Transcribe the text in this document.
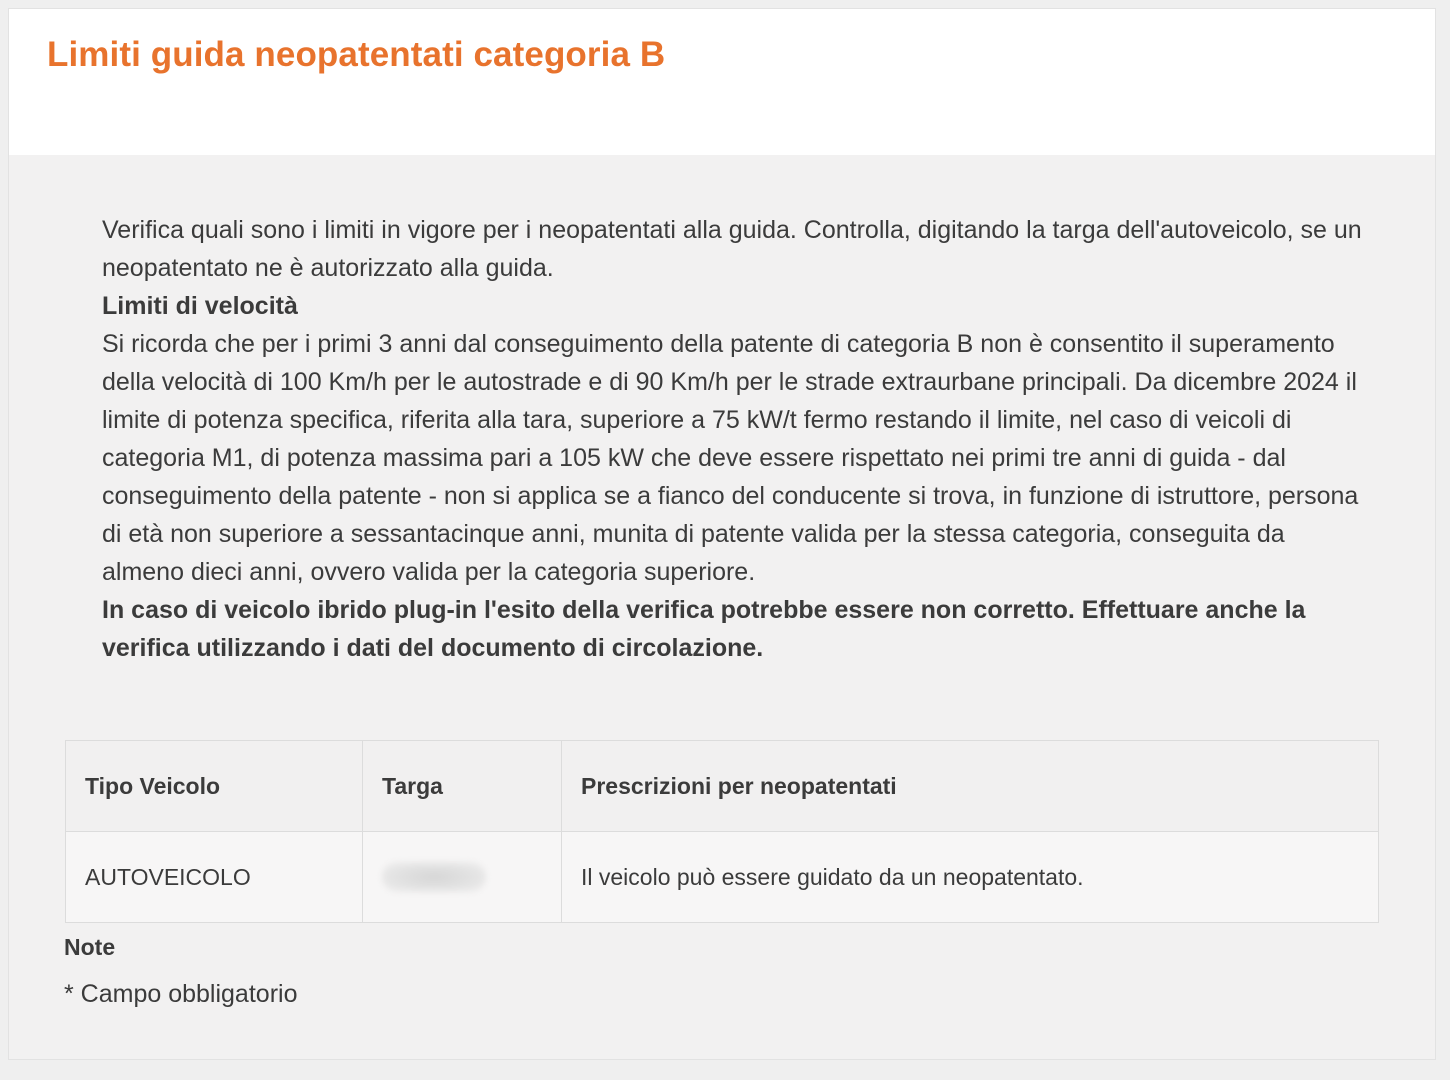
Limiti guida neopatentati categoria B

Verifica quali sono i limiti in vigore per i neopatentati alla guida. Controlla, digitando la targa dell'autoveicolo, se un neopatentato ne è autorizzato alla guida.

Limiti di velocità

Si ricorda che per i primi 3 anni dal conseguimento della patente di categoria B non è consentito il superamento della velocità di 100 Km/h per le autostrade e di 90 Km/h per le strade extraurbane principali. Da dicembre 2024 il limite di potenza specifica, riferita alla tara, superiore a 75 kW/t fermo restando il limite, nel caso di veicoli di categoria M1, di potenza massima pari a 105 kW che deve essere rispettato nei primi tre anni di guida - dal conseguimento della patente - non si applica se a fianco del conducente si trova, in funzione di istruttore, persona di età non superiore a sessantacinque anni, munita di patente valida per la stessa categoria, conseguita da almeno dieci anni, ovvero valida per la categoria superiore.

In caso di veicolo ibrido plug-in l'esito della verifica potrebbe essere non corretto. Effettuare anche la verifica utilizzando i dati del documento di circolazione.

Tipo Veicolo	Targa	Prescrizioni per neopatentati
AUTOVEICOLO		Il veicolo può essere guidato da un neopatentato.

Note

* Campo obbligatorio
